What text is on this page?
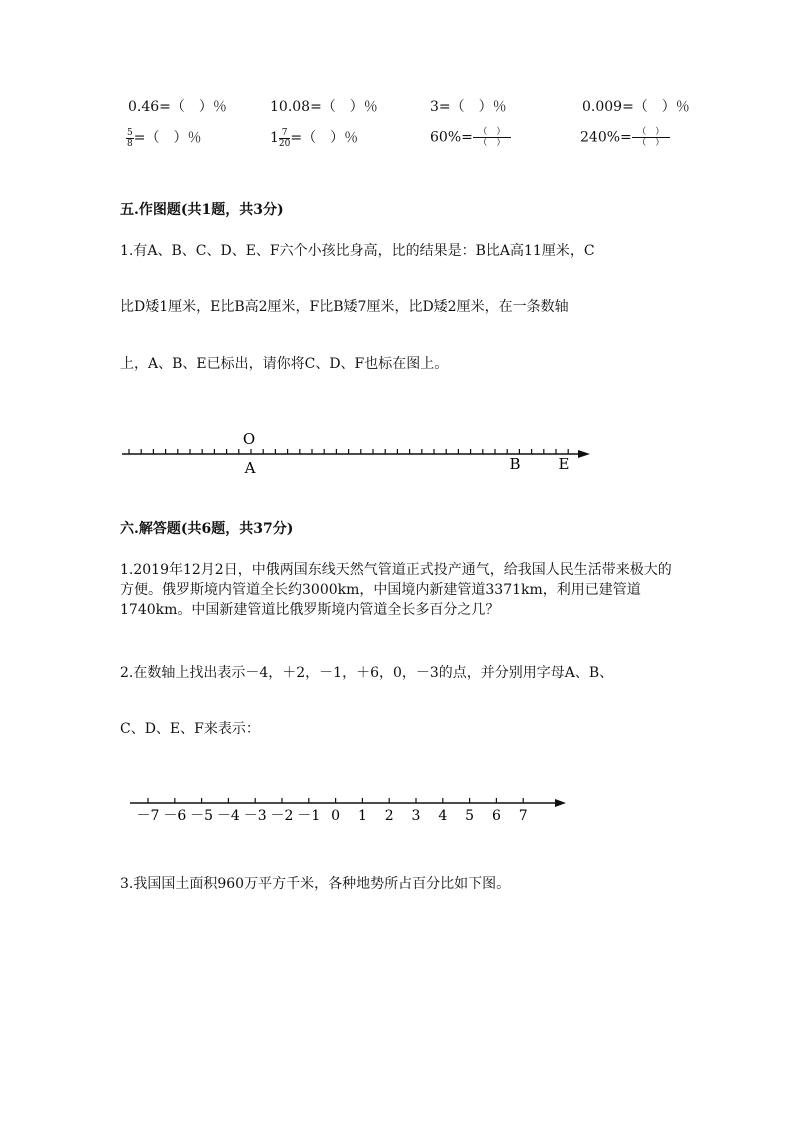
0.46=（　）％	10.08=（　）％	3=（　）％	0.009=（　）％
$\frac{5}{8}$ =（　）％	$1 \frac{7}{20}$ =（　）％	$60\%= \frac{( )}{( )}$	$240\%= \frac{( )}{( )}$
五.作图题(共1题，共3分)
1.有A、B、C、D、E、F六个小孩比身高，比的结果是：B比A高11厘米，C
比D矮1厘米，E比B高2厘米，F比B矮7厘米，比D矮2厘米，在一条数轴
上，A、B、E已标出，请你将C、D、F也标在图上。
O
A	B	E
六.解答题(共6题，共37分)
1.2019年12月2日，中俄两国东线天然气管道正式投产通气，给我国人民生活带来极大的方便。俄罗斯境内管道全长约3000km，中国境内新建管道3371km，利用已建管道1740km。中国新建管道比俄罗斯境内管道全长多百分之几？
2.在数轴上找出表示－4，＋2，－1，＋6，0，－3的点，并分别用字母A、B、
C、D、E、F来表示：
－7 －6 －5 －4 －3 －2 －1 0 1 2 3 4 5 6 7
3.我国国土面积960万平方千米，各种地势所占百分比如下图。
